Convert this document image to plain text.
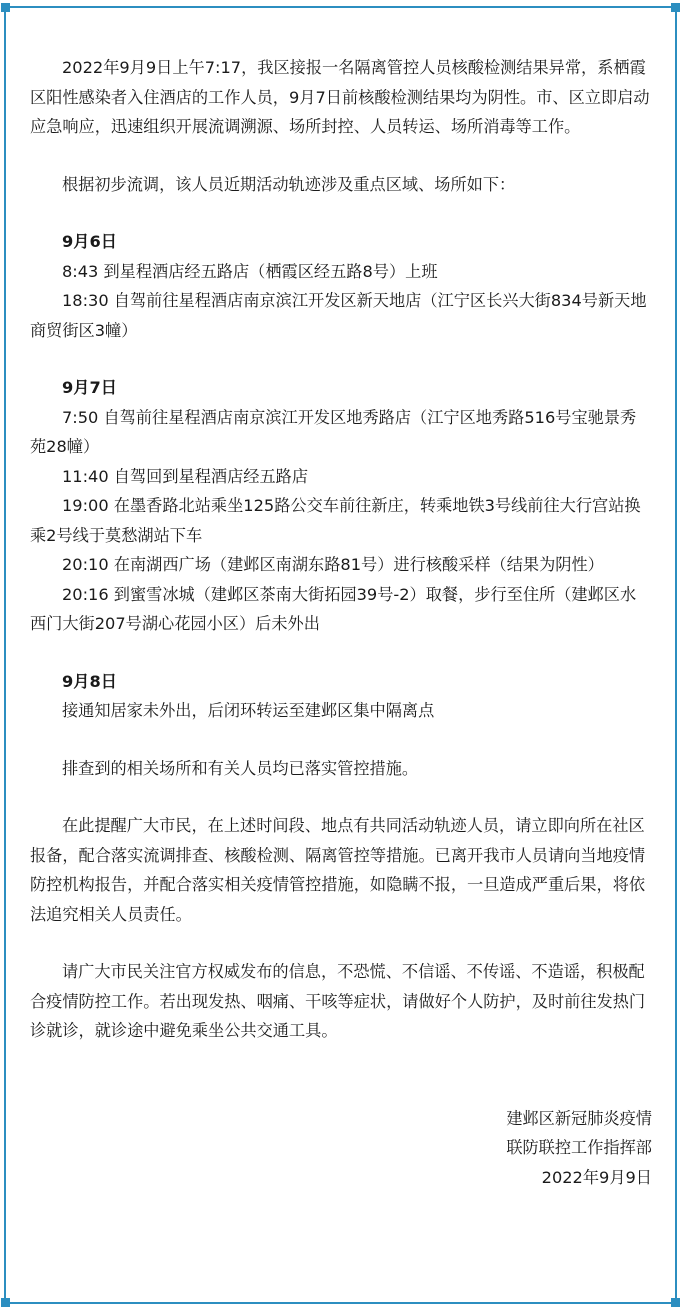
2022年9月9日上午7:17，我区接报一名隔离管控人员核酸检测结果异常，系栖霞区阳性感染者入住酒店的工作人员，9月7日前核酸检测结果均为阴性。市、区立即启动应急响应，迅速组织开展流调溯源、场所封控、人员转运、场所消毒等工作。

根据初步流调，该人员近期活动轨迹涉及重点区域、场所如下：

9月6日

8:43 到星程酒店经五路店（栖霞区经五路8号）上班

18:30 自驾前往星程酒店南京滨江开发区新天地店（江宁区长兴大街834号新天地商贸街区3幢）

9月7日

7:50 自驾前往星程酒店南京滨江开发区地秀路店（江宁区地秀路516号宝驰景秀苑28幢）

11:40 自驾回到星程酒店经五路店

19:00 在墨香路北站乘坐125路公交车前往新庄，转乘地铁3号线前往大行宫站换乘2号线于莫愁湖站下车

20:10 在南湖西广场（建邺区南湖东路81号）进行核酸采样（结果为阴性）

20:16 到蜜雪冰城（建邺区茶南大街拓园39号-2）取餐，步行至住所（建邺区水西门大街207号湖心花园小区）后未外出

9月8日

接通知居家未外出，后闭环转运至建邺区集中隔离点

排查到的相关场所和有关人员均已落实管控措施。

在此提醒广大市民，在上述时间段、地点有共同活动轨迹人员，请立即向所在社区报备，配合落实流调排查、核酸检测、隔离管控等措施。已离开我市人员请向当地疫情防控机构报告，并配合落实相关疫情管控措施，如隐瞒不报，一旦造成严重后果，将依法追究相关人员责任。

请广大市民关注官方权威发布的信息，不恐慌、不信谣、不传谣、不造谣，积极配合疫情防控工作。若出现发热、咽痛、干咳等症状，请做好个人防护，及时前往发热门诊就诊，就诊途中避免乘坐公共交通工具。

建邺区新冠肺炎疫情

联防联控工作指挥部

2022年9月9日
